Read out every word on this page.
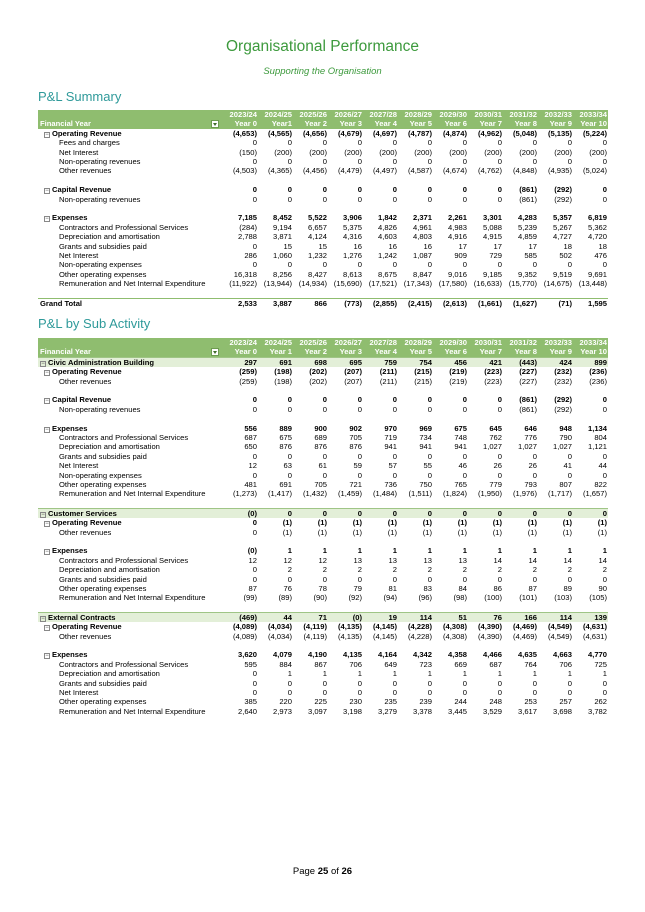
Organisational Performance
Supporting the Organisation
P&L Summary
	2023/24	2024/25	2025/26	2026/27	2027/28	2028/29	2029/30	2030/31	2031/32	2032/33	2033/34
Financial Year	Year 0	Year1	Year 2	Year 3	Year 4	Year 5	Year 6	Year 7	Year 8	Year 9	Year 10
− Operating Revenue	(4,653)	(4,565)	(4,656)	(4,679)	(4,697)	(4,787)	(4,874)	(4,962)	(5,048)	(5,135)	(5,224)
Fees and charges	0	0	0	0	0	0	0	0	0	0	0
Net Interest	(150)	(200)	(200)	(200)	(200)	(200)	(200)	(200)	(200)	(200)	(200)
Non-operating revenues	0	0	0	0	0	0	0	0	0	0	0
Other revenues	(4,503)	(4,365)	(4,456)	(4,479)	(4,497)	(4,587)	(4,674)	(4,762)	(4,848)	(4,935)	(5,024)

− Capital Revenue	0	0	0	0	0	0	0	0	(861)	(292)	0
Non-operating revenues	0	0	0	0	0	0	0	0	(861)	(292)	0

− Expenses	7,185	8,452	5,522	3,906	1,842	2,371	2,261	3,301	4,283	5,357	6,819
Contractors and Professional Services	(284)	9,194	6,657	5,375	4,826	4,961	4,983	5,088	5,239	5,267	5,362
Depreciation and amortisation	2,788	3,871	4,124	4,316	4,603	4,803	4,916	4,915	4,859	4,727	4,720
Grants and subsidies paid	0	15	15	16	16	16	17	17	17	18	18
Net Interest	286	1,060	1,232	1,276	1,242	1,087	909	729	585	502	476
Non-operating expenses	0	0	0	0	0	0	0	0	0	0	0
Other operating expenses	16,318	8,256	8,427	8,613	8,675	8,847	9,016	9,185	9,352	9,519	9,691
Remuneration and Net Internal Expenditure	(11,922)	(13,944)	(14,934)	(15,690)	(17,521)	(17,343)	(17,580)	(16,633)	(15,770)	(14,675)	(13,448)

Grand Total	2,533	3,887	866	(773)	(2,855)	(2,415)	(2,613)	(1,661)	(1,627)	(71)	1,595
P&L by Sub Activity
	2023/24	2024/25	2025/26	2026/27	2027/28	2028/29	2029/30	2030/31	2031/32	2032/33	2033/34
Financial Year	Year 0	Year 1	Year 2	Year 3	Year 4	Year 5	Year 6	Year 7	Year 8	Year 9	Year 10
− Civic Administration Building	297	691	698	695	759	754	456	421	(443)	424	899
− Operating Revenue	(259)	(198)	(202)	(207)	(211)	(215)	(219)	(223)	(227)	(232)	(236)
Other revenues	(259)	(198)	(202)	(207)	(211)	(215)	(219)	(223)	(227)	(232)	(236)

− Capital Revenue	0	0	0	0	0	0	0	0	(861)	(292)	0
Non-operating revenues	0	0	0	0	0	0	0	0	(861)	(292)	0

− Expenses	556	889	900	902	970	969	675	645	646	948	1,134
Contractors and Professional Services	687	675	689	705	719	734	748	762	776	790	804
Depreciation and amortisation	650	876	876	876	941	941	941	1,027	1,027	1,027	1,121
Grants and subsidies paid	0	0	0	0	0	0	0	0	0	0	0
Net Interest	12	63	61	59	57	55	46	26	26	41	44
Non-operating expenses	0	0	0	0	0	0	0	0	0	0	0
Other operating expenses	481	691	705	721	736	750	765	779	793	807	822
Remuneration and Net Internal Expenditure	(1,273)	(1,417)	(1,432)	(1,459)	(1,484)	(1,511)	(1,824)	(1,950)	(1,976)	(1,717)	(1,657)

− Customer Services	(0)	0	0	0	0	0	0	0	0	0	0
− Operating Revenue	0	(1)	(1)	(1)	(1)	(1)	(1)	(1)	(1)	(1)	(1)
Other revenues	0	(1)	(1)	(1)	(1)	(1)	(1)	(1)	(1)	(1)	(1)

− Expenses	(0)	1	1	1	1	1	1	1	1	1	1
Contractors and Professional Services	12	12	12	13	13	13	13	14	14	14	14
Depreciation and amortisation	0	2	2	2	2	2	2	2	2	2	2
Grants and subsidies paid	0	0	0	0	0	0	0	0	0	0	0
Other operating expenses	87	76	78	79	81	83	84	86	87	89	90
Remuneration and Net Internal Expenditure	(99)	(89)	(90)	(92)	(94)	(96)	(98)	(100)	(101)	(103)	(105)

− External Contracts	(469)	44	71	(0)	19	114	51	76	166	114	139
− Operating Revenue	(4,089)	(4,034)	(4,119)	(4,135)	(4,145)	(4,228)	(4,308)	(4,390)	(4,469)	(4,549)	(4,631)
Other revenues	(4,089)	(4,034)	(4,119)	(4,135)	(4,145)	(4,228)	(4,308)	(4,390)	(4,469)	(4,549)	(4,631)

− Expenses	3,620	4,079	4,190	4,135	4,164	4,342	4,358	4,466	4,635	4,663	4,770
Contractors and Professional Services	595	884	867	706	649	723	669	687	764	706	725
Depreciation and amortisation	0	1	1	1	1	1	1	1	1	1	1
Grants and subsidies paid	0	0	0	0	0	0	0	0	0	0	0
Net Interest	0	0	0	0	0	0	0	0	0	0	0
Other operating expenses	385	220	225	230	235	239	244	248	253	257	262
Remuneration and Net Internal Expenditure	2,640	2,973	3,097	3,198	3,279	3,378	3,445	3,529	3,617	3,698	3,782
Page 25 of 26
